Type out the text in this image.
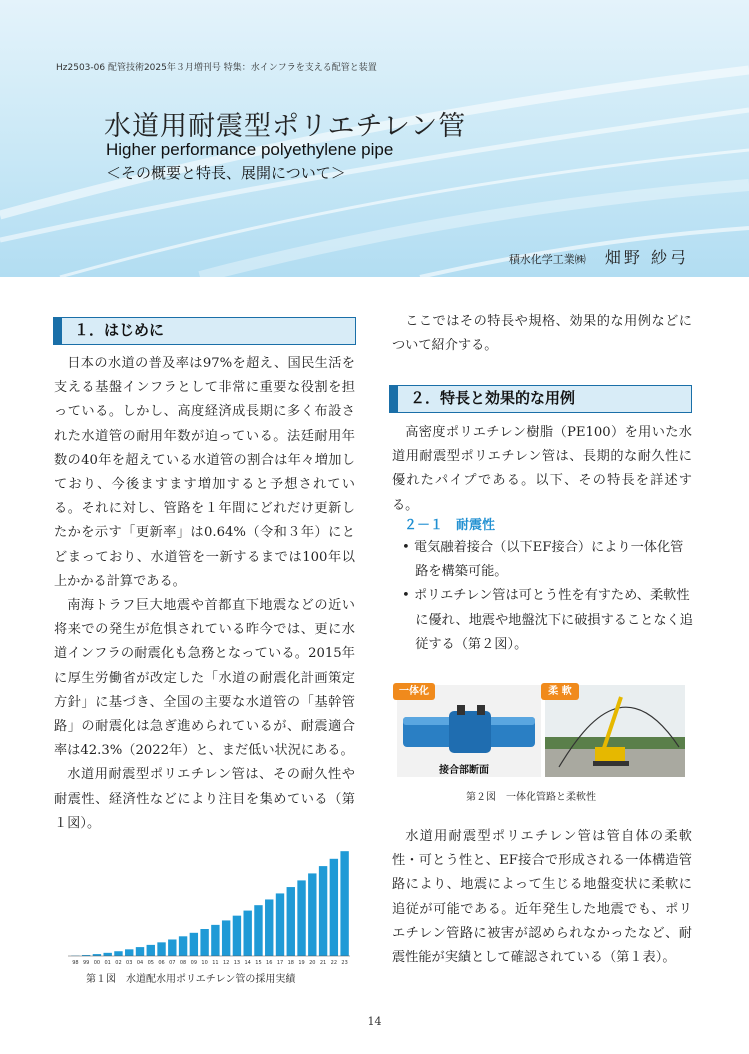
Hz2503-06 配管技術2025年３月増刊号 特集：水インフラを支える配管と装置
水道用耐震型ポリエチレン管
Higher performance polyethylene pipe
＜その概要と特長、展開について＞
積水化学工業㈱ 畑野 紗弓
１．はじめに

日本の水道の普及率は97%を超え、国民生活を支える基盤インフラとして非常に重要な役割を担っている。しかし、高度経済成長期に多く布設された水道管の耐用年数が迫っている。法廷耐用年数の40年を超えている水道管の割合は年々増加しており、今後ますます増加すると予想されている。それに対し、管路を１年間にどれだけ更新したかを示す「更新率」は0.64%（令和３年）にとどまっており、水道管を一新するまでは100年以上かかる計算である。

南海トラフ巨大地震や首都直下地震などの近い将来での発生が危惧されている昨今では、更に水道インフラの耐震化も急務となっている。2015年に厚生労働省が改定した「水道の耐震化計画策定方針」に基づき、全国の主要な水道管の「基幹管路」の耐震化は急ぎ進められているが、耐震適合率は42.3%（2022年）と、まだ低い状況にある。

水道用耐震型ポリエチレン管は、その耐久性や耐震性、経済性などにより注目を集めている（第１図）。

98 99 00 01 02 03 04 05 06 07 08 09 10 11 12 13 14 15 16 17 18 19 20 21 22 23
第１図　水道配水用ポリエチレン管の採用実績

ここではその特長や規格、効果的な用例などについて紹介する。

２．特長と効果的な用例

高密度ポリエチレン樹脂（PE100）を用いた水道用耐震型ポリエチレン管は、長期的な耐久性に優れたパイプである。以下、その特長を詳述する。

２－１　耐震性
• 電気融着接合（以下EF接合）により一体化管路を構築可能。
• ポリエチレン管は可とう性を有すため、柔軟性に優れ、地震や地盤沈下に破損することなく追従する（第２図）。
一体化	柔 軟
接合部断面
第２図　一体化管路と柔軟性

水道用耐震型ポリエチレン管は管自体の柔軟性・可とう性と、EF接合で形成される一体構造管路により、地震によって生じる地盤変状に柔軟に追従が可能である。近年発生した地震でも、ポリエチレン管路に被害が認められなかったなど、耐震性能が実績として確認されている（第１表）。

14
